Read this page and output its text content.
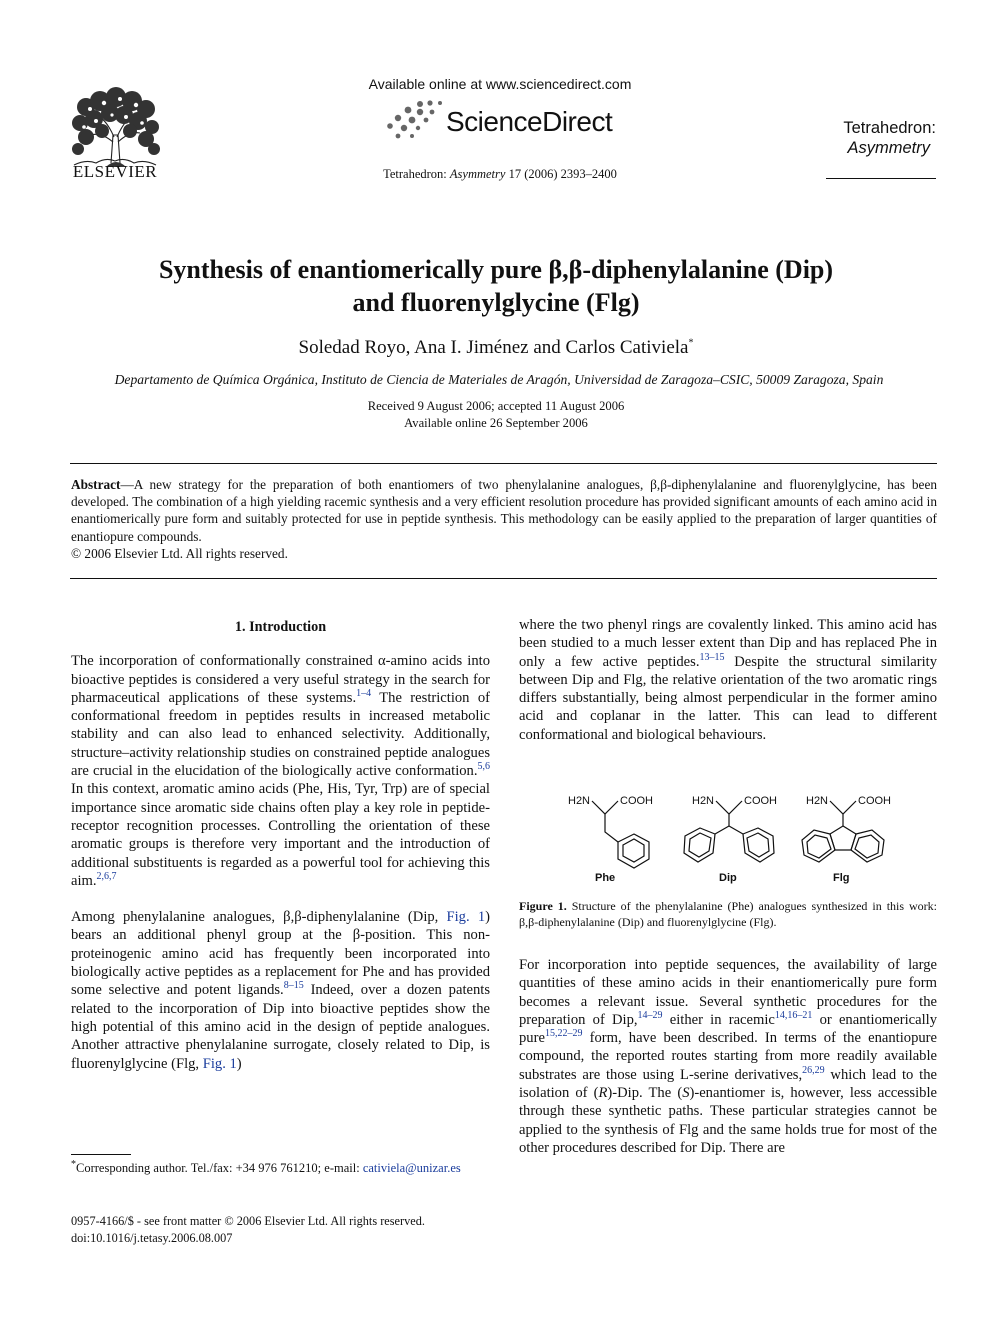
ELSEVIER
Available online at www.sciencedirect.com
ScienceDirect
Tetrahedron: Asymmetry 17 (2006) 2393–2400
Tetrahedron:
Asymmetry
Synthesis of enantiomerically pure β,β-diphenylalanine (Dip)
and fluorenylglycine (Flg)
Soledad Royo, Ana I. Jiménez and Carlos Cativiela*
Departamento de Química Orgánica, Instituto de Ciencia de Materiales de Aragón, Universidad de Zaragoza–CSIC, 50009 Zaragoza, Spain
Received 9 August 2006; accepted 11 August 2006
Available online 26 September 2006
Abstract—A new strategy for the preparation of both enantiomers of two phenylalanine analogues, β,β-diphenylalanine and fluorenylglycine, has been developed. The combination of a high yielding racemic synthesis and a very efficient resolution procedure has provided significant amounts of each amino acid in enantiomerically pure form and suitably protected for use in peptide synthesis. This methodology can be easily applied to the preparation of larger quantities of enantiopure compounds.
© 2006 Elsevier Ltd. All rights reserved.
1. Introduction

The incorporation of conformationally constrained α-amino acids into bioactive peptides is considered a very useful strategy in the search for pharmaceutical applications of these systems.$^{1-4}$ The restriction of conformational freedom in peptides results in increased metabolic stability and can also lead to enhanced selectivity. Additionally, structure–activity relationship studies on constrained peptide analogues are crucial in the elucidation of the biologically active conformation.$^{5,6}$ In this context, aromatic amino acids (Phe, His, Tyr, Trp) are of special importance since aromatic side chains often play a key role in peptide-receptor recognition processes. Controlling the orientation of these aromatic groups is therefore very important and the introduction of additional substituents is regarded as a powerful tool for achieving this aim.$^{2,6,7}$

Among phenylalanine analogues, β,β-diphenylalanine (Dip, Fig. 1) bears an additional phenyl group at the β-position. This non-proteinogenic amino acid has frequently been incorporated into biologically active peptides as a replacement for Phe and has provided some selective and potent ligands.$^{8-15}$ Indeed, over a dozen patents related to the incorporation of Dip into bioactive peptides show the high potential of this amino acid in the design of peptide analogues. Another attractive phenylalanine surrogate, closely related to Dip, is fluorenylglycine (Flg, Fig. 1)

where the two phenyl rings are covalently linked. This amino acid has been studied to a much lesser extent than Dip and has replaced Phe in only a few active peptides.$^{13-15}$ Despite the structural similarity between Dip and Flg, the relative orientation of the two aromatic rings differs substantially, being almost perpendicular in the former amino acid and coplanar in the latter. This can lead to different conformational and biological behaviours.

H2N	COOH
Phe
H2N	COOH
Dip
H2N	COOH
Flg
Figure 1. Structure of the phenylalanine (Phe) analogues synthesized in this work: β,β-diphenylalanine (Dip) and fluorenylglycine (Flg).

For incorporation into peptide sequences, the availability of large quantities of these amino acids in their enantiomerically pure form becomes a relevant issue. Several synthetic procedures for the preparation of Dip,$^{14-29}$ either in racemic$^{14,16-21}$ or enantiomerically pure$^{15,22-29}$ form, have been described. In terms of the enantiopure compound, the reported routes starting from more readily available substrates are those using L-serine derivatives,$^{26,29}$ which lead to the isolation of (R)-Dip. The (S)-enantiomer is, however, less accessible through these synthetic paths. These particular strategies cannot be applied to the synthesis of Flg and the same holds true for most of the other procedures described for Dip. There are

*Corresponding author. Tel./fax: +34 976 761210; e-mail: cativiela@unizar.es
0957-4166/$ - see front matter © 2006 Elsevier Ltd. All rights reserved.
doi:10.1016/j.tetasy.2006.08.007
